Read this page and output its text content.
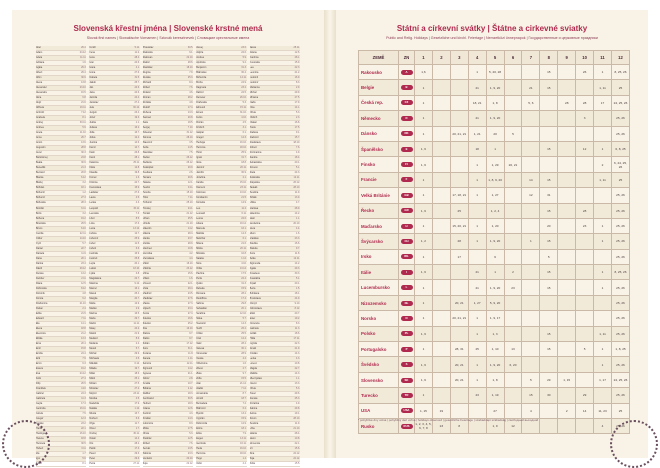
Slovenská křestní jména | Slovenské krstné mená
Slovak first names | Slowakische Vornamen | Szlovák keresztnevek | Словацкие крестильные имена
Ábel	26.4.
Adam	24.12.
Adela	11.11.
Adriana	1.6.
Agáta	29.3.
Albert	29.4.
Albín	30.9.
Alena	13.8.
Alexander	23.10.
Alexandra	16.5.
Alica	6.8.
Alojz	21.6.
Alžbeta	19.11.
Ambróz	7.12.
Anabela	8.1.
Andrej	30.11.
Andrea	5.9.
Aneta	11.10.
Anna	26.7.
Anton	13.6.
Augustín	28.8.
Aurel	30.3.
Bartolomej	24.8.
Beáta	30.9.
Benedikt	21.3.
Bernard	20.8.
Blanka	6.12.
Blažej	3.2.
Bohdan	18.1.
Bohumil	1.2.
Bohumír	27.3.
Bohuslav	28.3.
Bonifác	6.11.
Boris	3.2.
Božena	19.2.
Branislav	29.5.
Bruno	6.10.
Cecília	22.11.
Ctibor	14.10.
Cyril	5.7.
Daniel	22.7.
Daniela	11.9.
Dana	20.1.
Darina	23.4.
Dávid	29.12.
Denisa	13.2.
Dezider	2.11.
Diana	12.5.
Dobroslav	8.12.
Dominik	4.8.
Dorota	6.2.
Drahomíra	21.10.
Dušan	2.4.
Edita	21.5.
Eduard	7.11.
Ela	14.1.
Elena	18.8.
Eleonóra	21.2.
Eliška	13.3.
Ema	20.4.
Emil	15.8.
Emília	24.4.
Erik	7.9.
Ervín	6.3.
Estera	19.2.
Eva	24.12.
Félix	27.4.
Filip	26.5.
František	4.10.
Gabriel	24.3.
Gabriela	11.3.
Gejza	17.3.
Gertrúda	16.11.
Gizela	7.5.
Gregor	12.3.
Gustáv	23.2.
Hana	22.1.
Hedviga	16.10.
Helena	18.8.
Henrieta	30.5.
Hubert	3.11.
Ida	1.7.
Igor	5.6.
Ildikó	8.1.
Imrich	5.11.
Irena	11.2.
Iveta	28.4.
Ivan	24.6.
Ivana	4.1.
Ivona	27.6.
Izabela	31.5.
Jakub	25.7.
Ján	24.6.
Jana	24.6.
Jarmila	24.4.
Jaroslav	27.4.
Jela	30.12.
Jerguš	23.4.
Jozef	19.3.
Judita	1.1.
Juliana	16.2.
Júlia	16.7.
Július	12.4.
Justína	14.6.
Kamil	14.7.
Karin	26.8.
Karol	28.1.
Katarína	25.11.
Klára	12.8.
Klaudia	19.8.
Kornel	1.3.
Kristína	24.7.
Kvetoslava	15.9.
Ladislav	27.6.
Laura	4.5.
Lenka	4.3.
Leopold	15.11.
Levoslav	7.3.
Libor	8.5.
Lívia	17.6.
Lucia	13.12.
Ľubica	12.7.
Ľubomír	25.9.
Ľubor	11.5.
Ľuboš	6.6.
Ľudmila	16.9.
Ľudovít	25.8.
Lujza	20.1.
Lukáš	18.10.
Lýdia	3.8.
Magdaléna	22.7.
Malvína	9.12.
Marcel	16.1.
Marek	25.4.
Margita	20.7.
Mária	12.9.
Marián	2.9.
Marína	16.5.
Marta	29.7.
Martin	11.11.
Matej	24.2.
Matúš	21.9.
Medard	8.6.
Melánia	2.2.
Metod	5.7.
Michal	29.9.
Michaela	4.5.
Mikuláš	6.12.
Milada	19.7.
Milan	18.6.
Miloš	25.1.
Miriam	27.5.
Miroslav	27.2.
Mojmír	23.11.
Monika	4.5.
Nadežda	17.9.
Natália	1.12.
Nikola	13.7.
Norbert	6.6.
Oľga	11.7.
Oliver	1.7.
Ondrej	30.11.
Oskár	14.4.
Oto	28.2.
Patrik	17.3.
Pavol	29.6.
Peter	29.6.
Petra	27.11.
Pravoslav	30.5.
Radoslav	9.1.
Radovan	22.10.
Radúz	28.6.
Rastislav	18.10.
Regína	7.9.
Renáta	25.3.
Richard	8.4.
Róbert	7.6.
Roland	4.6.
Roman	28.2.
Rozália	4.9.
Rudolf	17.4.
Ružena	13.3.
Samuel	20.8.
Sára	18.5.
Sergej	7.10.
Silvester	31.12.
Simona	28.10.
Slavomír	3.5.
Soňa	14.5.
Stanislav	7.5.
Štefan	26.12.
Štefánia	26.12.
Svätopluk	20.9.
Svetlana	2.6.
Tamara	20.6.
Tatiana	12.1.
Teodor	9.11.
Terézia	15.10.
Tibor	7.11.
Tichomír	25.10.
Timotej	24.1.
Tomáš	21.12.
Urban	25.5.
Uršuľa	21.10.
Valentín	14.2.
Valéria	28.4.
Vanda	23.7.
Václav	28.9.
Vavrinec	10.8.
Veronika	4.2.
Vieroslava	4.4.
Viktor	16.10.
Viktória	23.12.
Vilma	15.6.
Viliam	1.6.
Vincent	22.1.
Viola	29.4.
Vladimír	23.5.
Vladislav	27.6.
Vlasta	27.3.
Vojtech	23.4.
Xénia	27.4.
Zdenka	16.6.
Zdenko	25.2.
Zita	19.10.
Zlatica	9.7.
Zlatko	9.7.
Zoltán	17.12.
Zora	31.1.
Zuzana	11.8.
Žaneta	1.11.
Želmíra	12.11.
Žigmund	14.2.
Agnesa	21.1.
Alfonz	2.8.
Amália	10.7.
Bibiána	2.12.
Dalibor	18.3.
Ferdinand	30.5.
Herbert	18.3.
Jolana	12.6.
Kazimír	4.3.
Kristián	14.3.
Ľubomíra	8.3.
Mirka	17.5.
Olívia	5.3.
Pankrác	12.5.
Róbert	7.6.
Servác	13.5.
Sidónia	23.3.
Vendelín	20.10.
Zoja	22.12.
Alexej	23.6.
Alojzia	22.6.
Andrea	5.9.
Apolónia	9.2.
Benjamín	31.3.
Blahoslav	30.4.
Bohumila	14.11.
Broňa	24.9.
Dagmara	23.2.
Dalimil	22.5.
Demeter	26.10.
Drahoslav	5.3.
Edmund	15.11.
Ernest	31.10.
Ferko	4.10.
Flórián	4.5.
Fridrich	3.1.
Gašpar	6.1.
Gregor	12.3.
Hedviga	16.10.
Hermína	18.10.
Horst	25.9.
Ignác	31.7.
Ilona	18.8.
Jaromír	20.11.
Jarolím	30.9.
Jozefína	2.1.
Kamila	15.10.
Klement	23.11.
Koloman	13.10.
Konštantín	21.5.
Kornélia	14.9.
Leo	11.4.
Leonard	6.11.
Leona	22.6.
Liliana	19.12.
Marcela	16.1.
Matilda	14.3.
Melichar	6.1.
Milena	21.6.
Milota	20.11.
Miloslav	10.8.
Nataša	1.12.
Nora	4.10.
Otília	13.12.
Pavlína	17.5.
Perla	22.4.
Quido	31.3.
Rebeka	15.9.
Romana	28.2.
Rudolfína	17.4.
Sabína	29.8.
Sebastián	20.1.
Serafína	12.10.
Sláva	5.7.
Svetozár	14.3.
Teofil	26.2.
Urbán	25.5.
Uriel	12.4.
Valér	28.4.
Vanesa	30.1.
Věnceslav	28.9.
Vieska	4.4.
Vilhelmína	1.6.
Zdeno	2.7.
Zlata	9.7.
Žofia	15.5.
Alan	21.12.
Aladár	7.12.
Annamária	8.7.
Arnold	18.7.
Bernadeta	7.2.
Blahomír	6.4.
Bystrík	13.4.
Cyprián	15.9.
Dobromila	12.9.
Elvíra	18.1.
Erika	7.9.
Eugen	13.11.
Gertrúda	16.11.
Heda	16.10.
Hermína	18.10.
Hugo	1.4.
Izidor	4.4.
Jasna	25.11.
Jolana	12.6.
Karolína	28.1.
Kvetoslav	15.9.
Lea	22.3.
Leonóra	21.2.
Ľudomil	16.9.
Ľudomír	8.3.
Marianna	2.9.
Michal	29.9.
Miriama	27.5.
Naďa	17.9.
Nina	14.1.
Olívia	5.3.
Oldrich	2.3.
Otakar	16.8.
Pavla	17.5.
Radana	9.1.
Radomír	15.7.
Rastislava	18.10.
Robert	7.6.
Rozmarína	4.9.
Sandra	18.4.
Sebastiána	20.1.
Simeon	5.1.
Stela	24.3.
Svätoslav	12.11.
Štěpánka	26.12.
Tadeáš	28.10.
Teodóra	11.9.
Tobiáš	13.9.
Ulrika	4.7.
Václava	28.9.
Valentína	14.2.
Vasil	1.1.
Vendelína	20.10.
Viera	4.4.
Vilém	1.6.
Vratislav	23.3.
Zdeňka	16.6.
Zlatuša	9.7.
Zuza	11.8.
Želka	12.11.
Žigmunda	14.2.
Agáta	29.3.
Amadeus	30.3.
Anastázia	5.1.
Arpád	20.1.
Berta	1.5.
Bohdana	18.1.
Bronislava	24.9.
Dionýz	9.10.
Dobroslava	8.12.
Eliáš	20.7.
Ester	19.2.
Florencia	8.3.
Gabriela	11.3.
Goliáš	18.6.
Hilda	17.11.
Ingrida	22.3.
Jonáš	21.9.
Kristián	14.3.
Lenka	4.3.
Lorenc	10.8.
Magda	22.7.
Matilda	14.3.
Mieczysław	1.1.
Noemi	13.3.
Olívia	5.3.
Pavel	29.6.
Renata	25.3.
Rozalína	4.9.
Sabína	29.8.
Selma	19.1.
Šimon	28.10.
Teodora	11.9.
Urša	21.10.
Valéria	28.4.
Vavro	10.8.
Vincencia	22.1.
Vít	15.6.
Zina	22.12.
Zoja	22.12.
Žofia	15.5.
Státní a církevní svátky | Štátne a cirkevné sviatky
Public and Relig. Holidays | Gesetzliche und kirchl. Feiertage | Nemzetközi ünnepnapok | Государственные и церковные праздники
ZEMĚ	ZN	1	2	3	4	5	6	7	8	9	10	11	12
Rakousko	A	1,6			1	5, 20, 28			15		26	1	8, 25, 26
Belgie	B	1			21	1, 9, 20		21	15			1, 11	25
Česká rep.	CZ	1			18, 21	1, 8		5, 6		28	28	17	24, 25, 26
Německo	D	1			21	1, 9, 20					3		25, 26
Dánsko	DK	1		20, 21, 21	1, 21	20	5						25, 26
Španělsko	E	1, 6			18	1			15		12	1	6, 8, 25
Finsko	FI	1, 6			1	1, 29	20, 21					2	6, 24, 25, 26
Francie	F	1			1	1, 8, 9, 20		14	15			1, 11	25
Velká Británie	GB	1		17, 18, 21	1	1, 27		12	31				25, 26
Řecko	GR	1, 6		25		1, 2, 4			15		28		25, 26
Maďarsko	H	1		15, 20, 21	1	1, 20			20		23	1	25, 26
Švýcarsko	CH	1, 2		28	1	1, 9, 20		1	15			1	25, 26
Irsko	IRL	1		17		6			5				25, 26
Itálie	I	1, 6			21	1	2		15			1	8, 25, 26
Lucembursko	L	1			21	1, 9, 20	23		15			1	25, 26
Nizozemsko	NL	1		20, 21	1, 27	5, 9, 20							25, 26
Norsko	N	1		20, 21, 21	1	1, 9, 17							25, 26
Polsko	PL	1, 6			1	1, 3			15			1, 11	25, 26
Portugalsko	P	1		28, 31	25	1, 10	13		15		5	1	1, 8, 25
Švédsko	S	1, 6		20, 21	1	1, 9, 20	6, 20					1	25, 26
Slovensko	SK	1, 6		20, 21	1	1, 8		5	29	1, 15		1, 17	24, 25, 26
Turecko	TR	1			23	1, 19		15	30		29		25, 26
USA	USA	1, 15	19			27		4		2	14	11, 23	25
Rusko	RUS	1, 2, 3, 4, 5, 6, 7, 8	23	8		1, 9	12					4	25, 26
* pohyblivé dny volna | pohyblivý deň voľna | holidays observed | gesetzliche Feiertage | szabadnapi szabadság | свободный выходной
